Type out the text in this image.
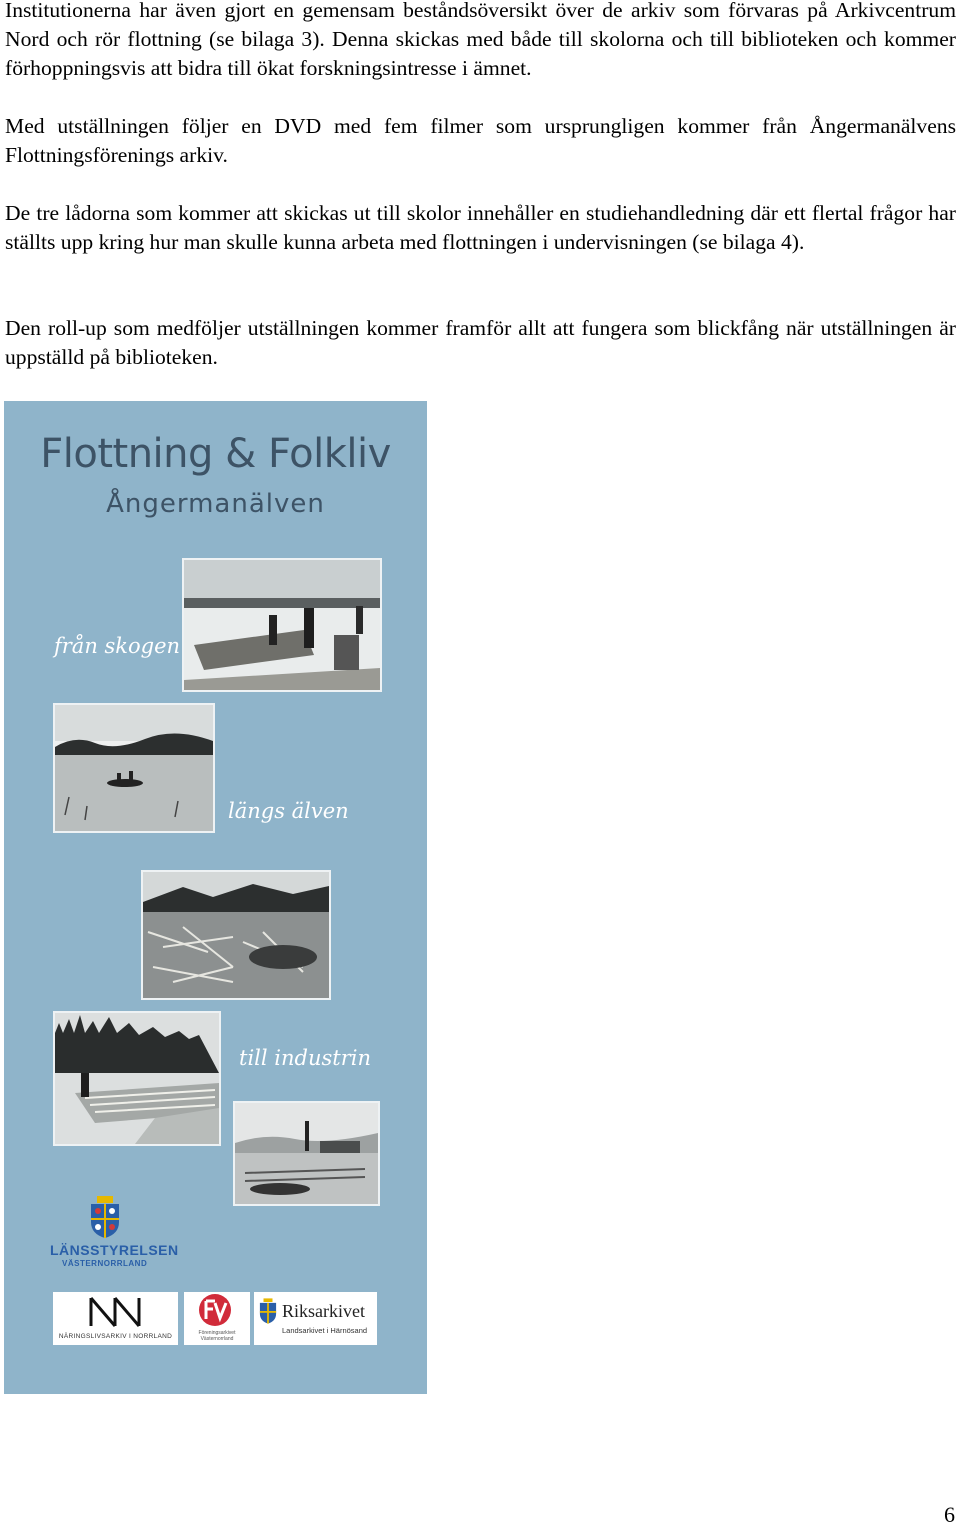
Institutionerna har även gjort en gemensam beståndsöversikt över de arkiv som förvaras på Arkivcentrum Nord och rör flottning (se bilaga 3). Denna skickas med både till skolorna och till biblioteken och kommer förhoppningsvis att bidra till ökat forskningsintresse i ämnet.

Med utställningen följer en DVD med fem filmer som ursprungligen kommer från Ångermanälvens Flottningsförenings arkiv.

De tre lådorna som kommer att skickas ut till skolor innehåller en studiehandledning där ett flertal frågor har ställts upp kring hur man skulle kunna arbeta med flottningen i undervisningen (se bilaga 4).

Den roll-up som medföljer utställningen kommer framför allt att fungera som blickfång när utställningen är uppställd på biblioteken.

Flottning & Folkliv
Ångermanälven
från skogen
längs älven
till industrin
LÄNSSTYRELSEN
VÄSTERNORRLAND
NÄRINGSLIVSARKIV I NORRLAND	Föreningsarkivet Västernorrland
Riksarkivet
Landsarkivet i Härnösand
6
